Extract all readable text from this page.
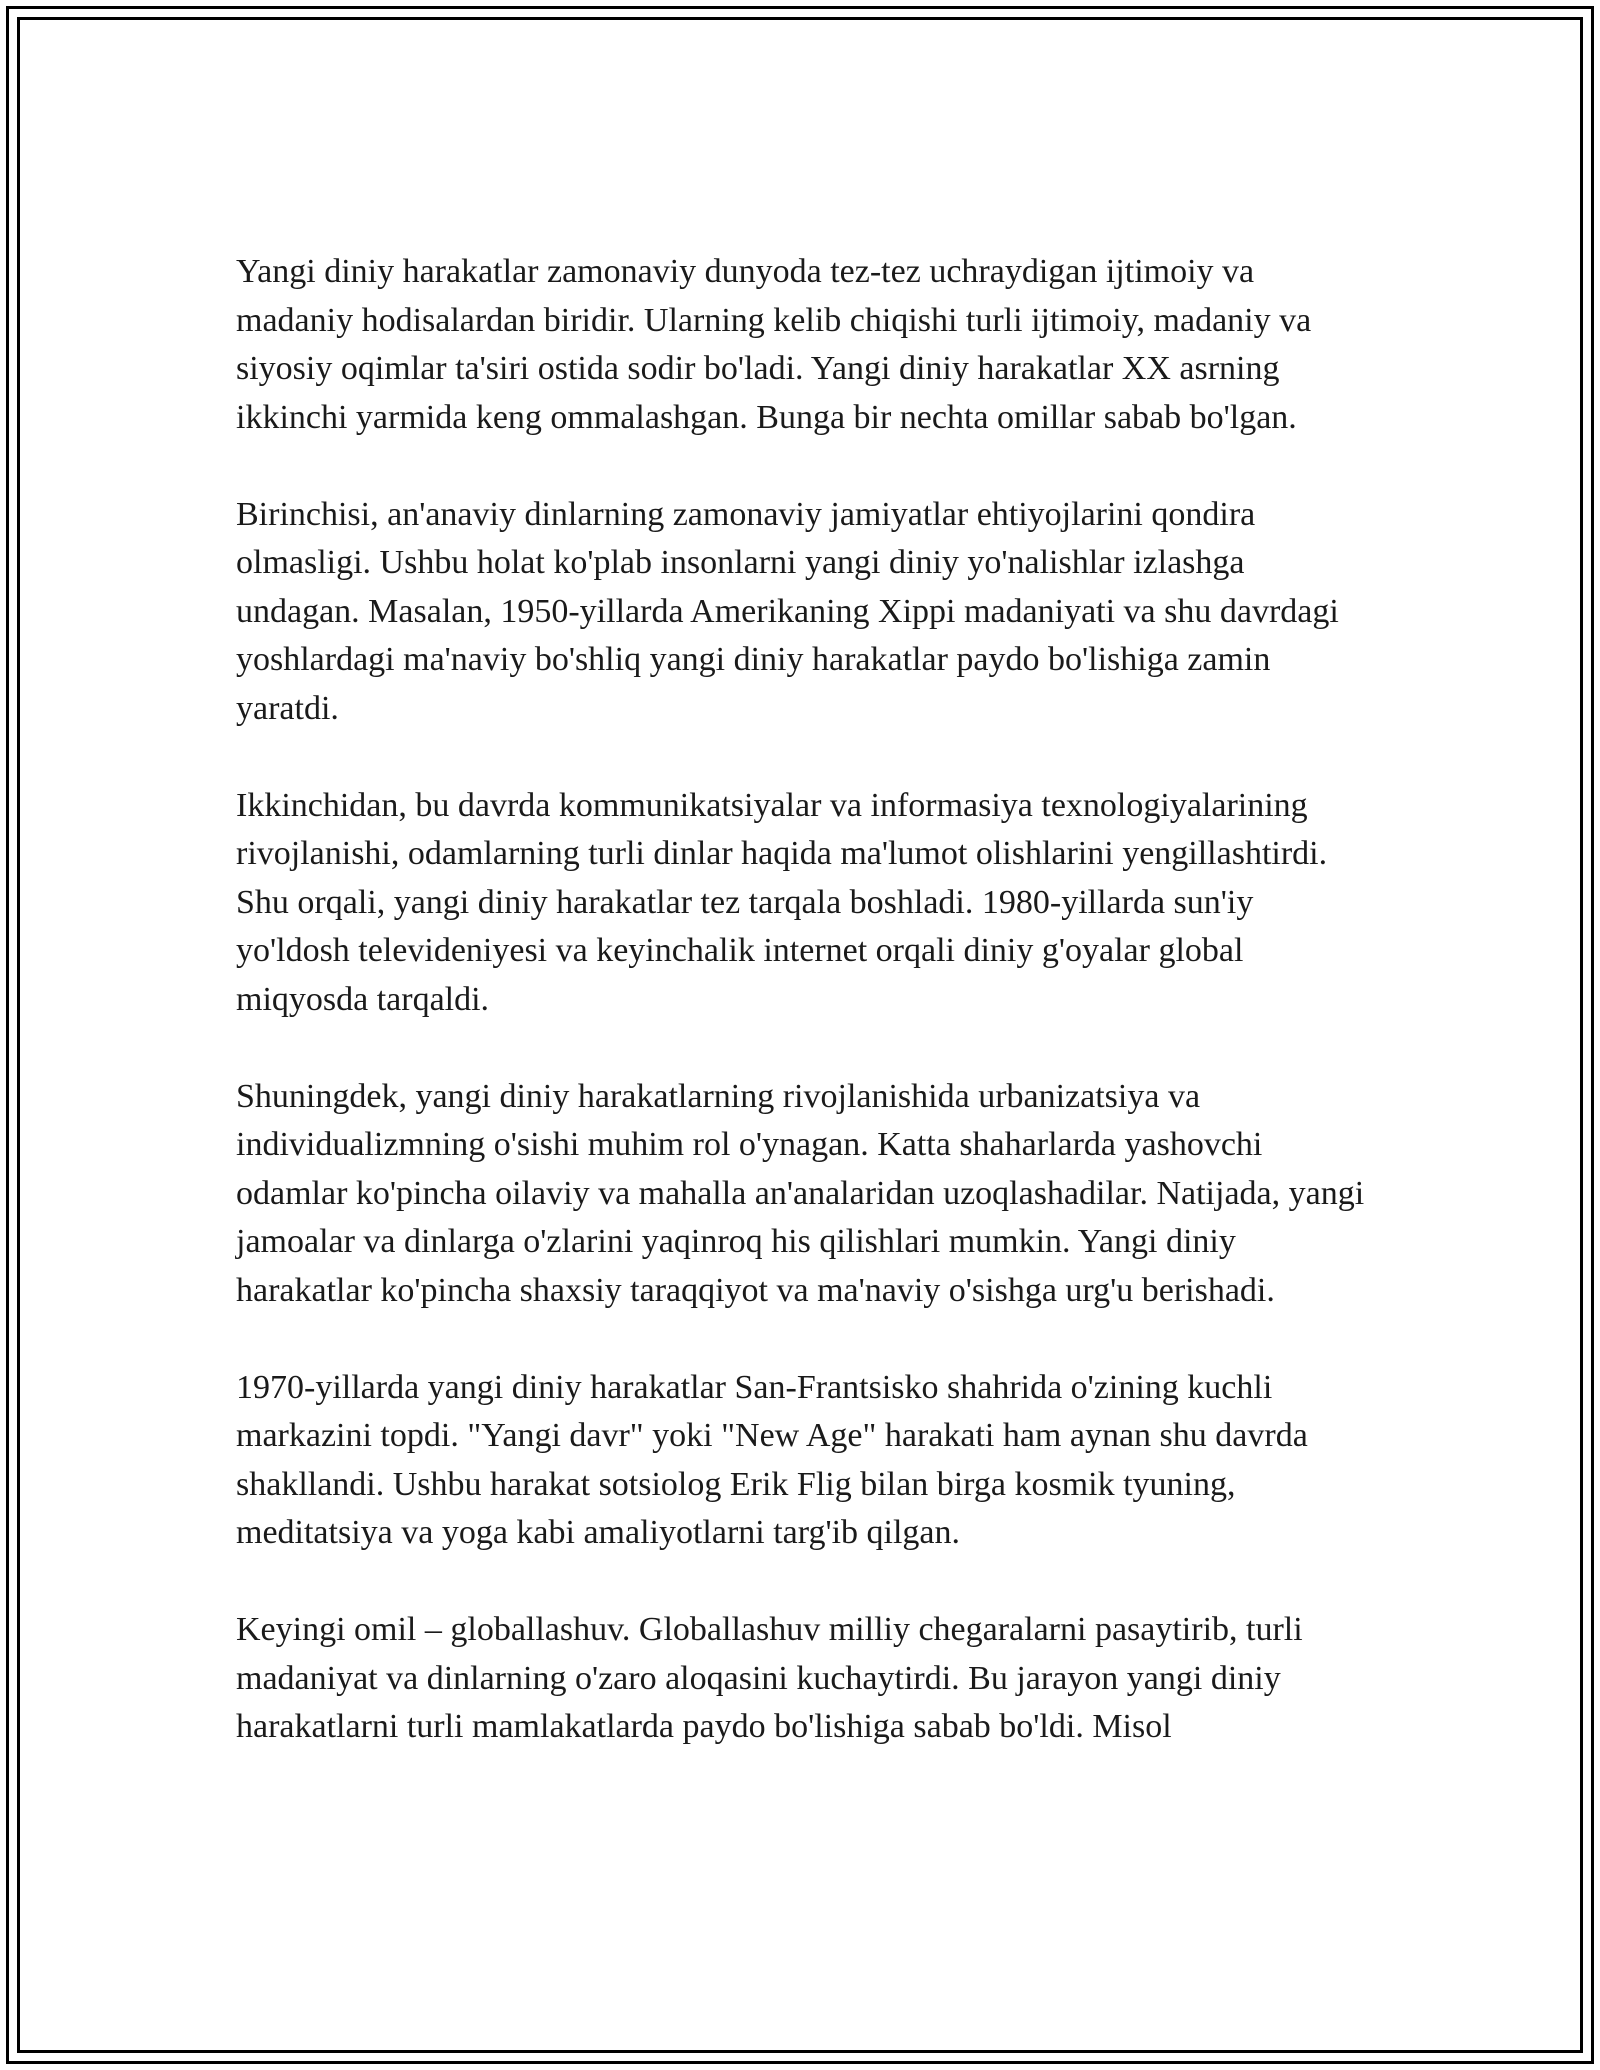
Yangi diniy harakatlar zamonaviy dunyoda tez-tez uchraydigan ijtimoiy va madaniy hodisalardan biridir. Ularning kelib chiqishi turli ijtimoiy, madaniy va siyosiy oqimlar ta'siri ostida sodir bo'ladi. Yangi diniy harakatlar XX asrning ikkinchi yarmida keng ommalashgan. Bunga bir nechta omillar sabab bo'lgan.

Birinchisi, an'anaviy dinlarning zamonaviy jamiyatlar ehtiyojlarini qondira olmasligi. Ushbu holat ko'plab insonlarni yangi diniy yo'nalishlar izlashga undagan. Masalan, 1950-yillarda Amerikaning Xippi madaniyati va shu davrdagi yoshlardagi ma'naviy bo'shliq yangi diniy harakatlar paydo bo'lishiga zamin yaratdi.

Ikkinchidan, bu davrda kommunikatsiyalar va informasiya texnologiyalarining rivojlanishi, odamlarning turli dinlar haqida ma'lumot olishlarini yengillashtirdi. Shu orqali, yangi diniy harakatlar tez tarqala boshladi. 1980-yillarda sun'iy yo'ldosh televideniyesi va keyinchalik internet orqali diniy g'oyalar global miqyosda tarqaldi.

Shuningdek, yangi diniy harakatlarning rivojlanishida urbanizatsiya va individualizmning o'sishi muhim rol o'ynagan. Katta shaharlarda yashovchi odamlar ko'pincha oilaviy va mahalla an'analaridan uzoqlashadilar. Natijada, yangi jamoalar va dinlarga o'zlarini yaqinroq his qilishlari mumkin. Yangi diniy harakatlar ko'pincha shaxsiy taraqqiyot va ma'naviy o'sishga urg'u berishadi.

1970-yillarda yangi diniy harakatlar San-Frantsisko shahrida o'zining kuchli markazini topdi. "Yangi davr" yoki "New Age" harakati ham aynan shu davrda shakllandi. Ushbu harakat sotsiolog Erik Flig bilan birga kosmik tyuning, meditatsiya va yoga kabi amaliyotlarni targ'ib qilgan.

Keyingi omil – globallashuv. Globallashuv milliy chegaralarni pasaytirib, turli madaniyat va dinlarning o'zaro aloqasini kuchaytirdi. Bu jarayon yangi diniy harakatlarni turli mamlakatlarda paydo bo'lishiga sabab bo'ldi. Misol
